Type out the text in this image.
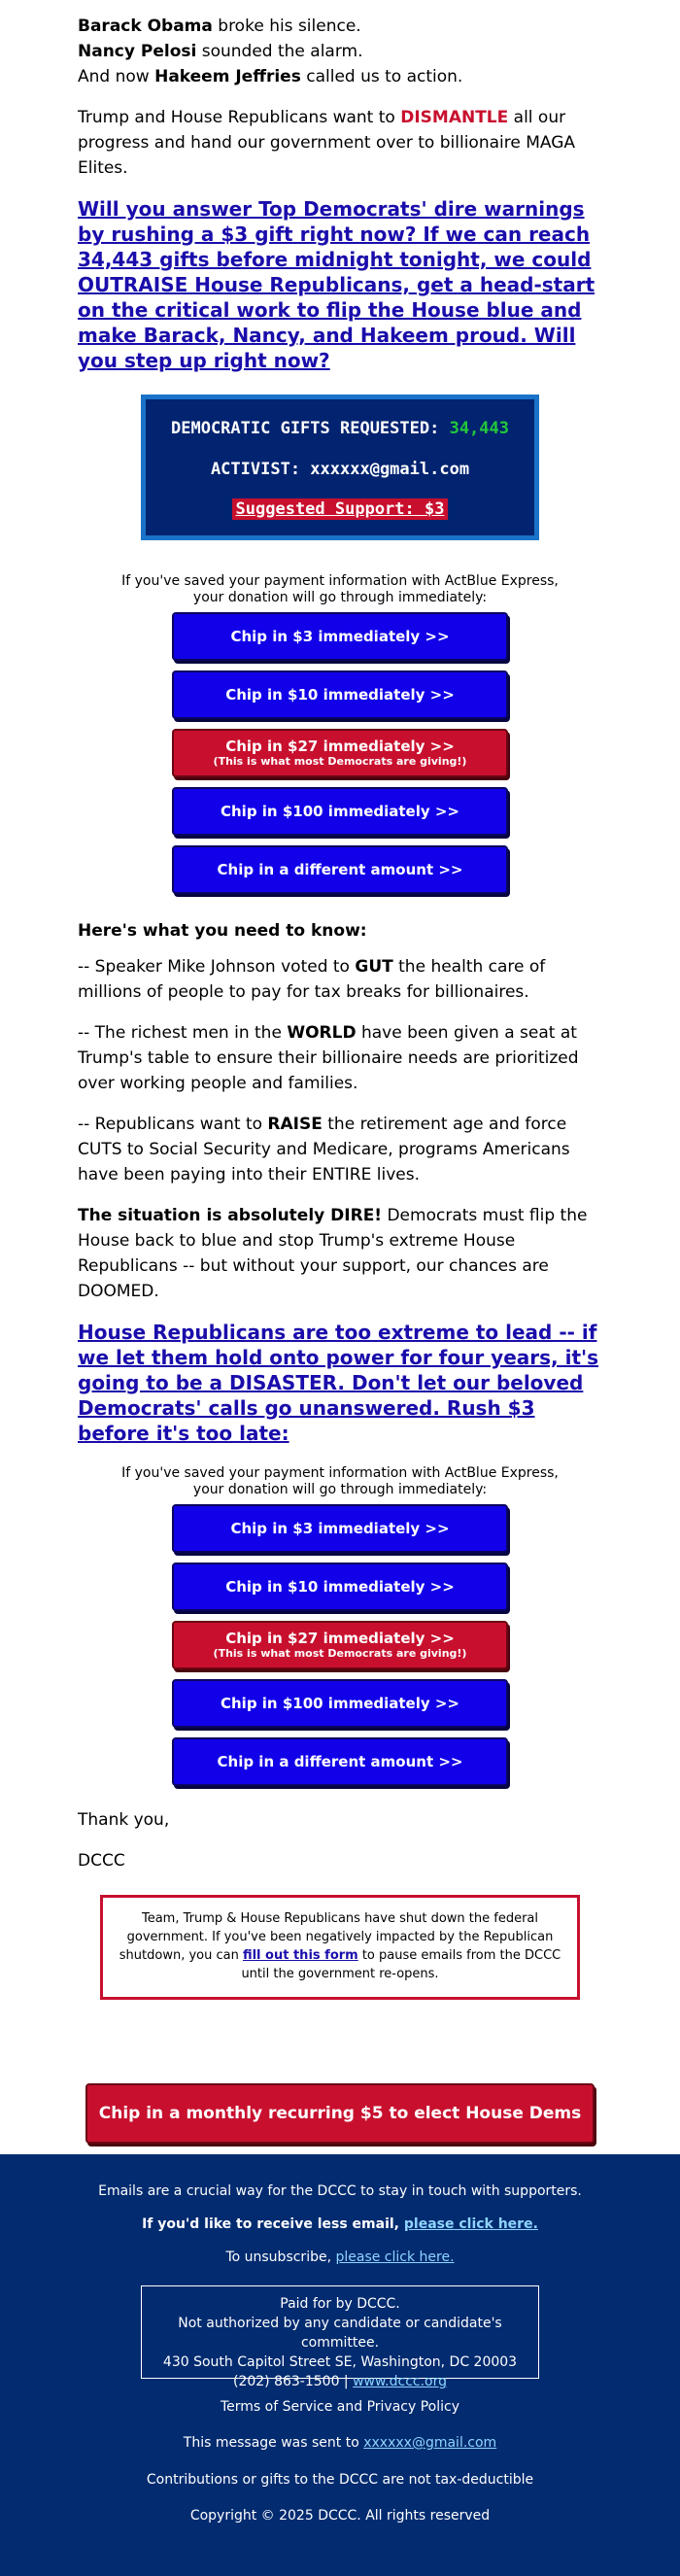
Barack Obama broke his silence.
Nancy Pelosi sounded the alarm.
And now Hakeem Jeffries called us to action.

Trump and House Republicans want to DISMANTLE all our progress and hand our government over to billionaire MAGA Elites.

Will you answer Top Democrats' dire warnings by rushing a $3 gift right now? If we can reach 34,443 gifts before midnight tonight, we could OUTRAISE House Republicans, get a head-start on the critical work to flip the House blue and make Barack, Nancy, and Hakeem proud. Will you step up right now?
DEMOCRATIC GIFTS REQUESTED: 34,443
ACTIVIST: xxxxxx@gmail.com
Suggested Support: $3
If you've saved your payment information with ActBlue Express,
your donation will go through immediately:
Chip in $3 immediately >>
Chip in $10 immediately >>
Chip in $27 immediately >>
(This is what most Democrats are giving!)
Chip in $100 immediately >>
Chip in a different amount >>
Here's what you need to know:

-- Speaker Mike Johnson voted to GUT the health care of millions of people to pay for tax breaks for billionaires.

-- The richest men in the WORLD have been given a seat at Trump's table to ensure their billionaire needs are prioritized over working people and families.

-- Republicans want to RAISE the retirement age and force CUTS to Social Security and Medicare, programs Americans have been paying into their ENTIRE lives.

The situation is absolutely DIRE! Democrats must flip the House back to blue and stop Trump's extreme House Republicans -- but without your support, our chances are DOOMED.

House Republicans are too extreme to lead -- if we let them hold onto power for four years, it's going to be a DISASTER. Don't let our beloved Democrats' calls go unanswered. Rush $3 before it's too late:
If you've saved your payment information with ActBlue Express,
your donation will go through immediately:
Chip in $3 immediately >>
Chip in $10 immediately >>
Chip in $27 immediately >>
(This is what most Democrats are giving!)
Chip in $100 immediately >>
Chip in a different amount >>

Thank you,

DCCC

Team, Trump & House Republicans have shut down the federal government. If you've been negatively impacted by the Republican shutdown, you can fill out this form to pause emails from the DCCC until the government re-opens.
Chip in a monthly recurring $5 to elect House Dems
Emails are a crucial way for the DCCC to stay in touch with supporters.
If you'd like to receive less email, please click here.
To unsubscribe, please click here.
Paid for by DCCC.
Not authorized by any candidate or candidate's committee.
430 South Capitol Street SE, Washington, DC 20003
(202) 863-1500 | www.dccc.org
Terms of Service and Privacy Policy
This message was sent to xxxxxx@gmail.com
Contributions or gifts to the DCCC are not tax-deductible
Copyright © 2025 DCCC. All rights reserved
